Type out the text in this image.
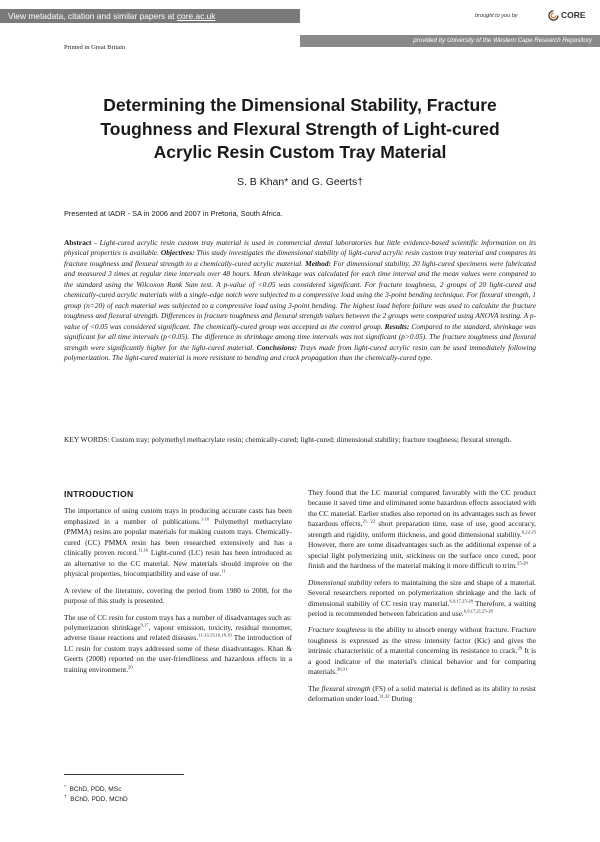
View metadata, citation and similar papers at core.ac.uk	brought to you by	CORE
provided by University of the Western Cape Research Repository
Printed in Great Britain
Determining the Dimensional Stability, Fracture
Toughness and Flexural Strength of Light-cured
Acrylic Resin Custom Tray Material
S. B Khan* and G. Geerts†
Presented at IADR - SA in 2006 and 2007 in Pretoria, South Africa.
Abstract - Light-cured acrylic resin custom tray material is used in commercial dental laboratories but little evidence-based scientific information on its physical properties is available. Objectives: This study investigates the dimensional stability of light-cured acrylic resin custom tray material and compares its fracture toughness and flexural strength to a chemically-cured acrylic material. Method: For dimensional stability, 20 light-cured specimens were fabricated and measured 3 times at regular time intervals over 48 hours. Mean shrinkage was calculated for each time interval and the mean values were compared to the standard using the Wilcoxon Rank Sum test. A p-value of <0.05 was considered significant. For fracture toughness, 2 groups of 20 light-cured and chemically-cured acrylic materials with a single-edge notch were subjected to a compressive load using the 3-point bending technique. For flexural strength, 1 group (n=20) of each material was subjected to a compressive load using 3-point bending. The highest load before failure was used to calculate the fracture toughness and flexural strength. Differences in fracture toughness and flexural strength values between the 2 groups were compared using ANOVA testing. A p-value of <0.05 was considered significant. The chemically-cured group was accepted as the control group. Results: Compared to the standard, shrinkage was significant for all time intervals (p<0.05). The difference in shrinkage among time intervals was not significant (p>0.05). The fracture toughness and flexural strength were significantly higher for the light-cured material. Conclusions: Trays made from light-cured acrylic resin can be used immediately following polymerization. The light-cured material is more resistant to bending and crack propagation than the chemically-cured type.
KEY WORDS: Custom tray; polymethyl methacrylate resin; chemically-cured; light-cured; dimensional stability; fracture toughness; flexural strength.
INTRODUCTION

The importance of using custom trays in producing accurate casts has been emphasized in a number of publications.$^{1-10}$ Polymethyl methacrylate (PMMA) resins are popular materials for making custom trays. Chemically-cured (CC) PMMA resin has been researched extensively and has a clinically proven record.$^{11,16}$ Light-cured (LC) resin has been introduced as an alternative to the CC material. New materials should improve on the physical properties, biocompatibility and ease of use.$^{11}$

A review of the literature, covering the period from 1980 to 2008, for the purpose of this study is presented.

The use of CC resin for custom trays has a number of disadvantages such as: polymerization shrinkage$^{9,17}$, vapour emission, toxicity, residual monomer, adverse tissue reactions and related diseases.$^{11-13,15,16,18,19}$ The introduction of LC resin for custom trays addressed some of these disadvantages. Khan & Geerts (2008) reported on the user-friendliness and hazardous effects in a training environment.$^{20}$

They found that the LC material compared favorably with the CC product because it saved time and eliminated some hazardous effects associated with the CC material. Earlier studies also reported on its advantages such as fewer hazardous effects,$^{21, 22}$ short preparation time, ease of use, good accuracy, strength and rigidity, uniform thickness, and good dimensional stability.$^{6,22-25}$ However, there are some disadvantages such as the additional expense of a special light polymerizing unit, stickiness on the surface once cured, poor finish and the hardness of the material making it more difficult to trim.$^{25-28}$

Dimensional stability refers to maintaining the size and shape of a material. Several researchers reported on polymerization shrinkage and the lack of dimensional stability of CC resin tray material.$^{6,9,17,25-28}$ Therefore, a waiting period is recommended between fabrication and use.$^{6,9,17,21,25-28}$

Fracture toughness is the ability to absorb energy without fracture. Fracture toughness is expressed as the stress intensity factor (Kic) and gives the intrinsic characteristic of a material concerning its resistance to crack.$^{29}$ It is a good indicator of the material's clinical behavior and for comparing materials.$^{30,31}$

The flexural strength (FS) of a solid material is defined as its ability to resist deformation under load.$^{31,32}$ During

* BChD, PDD, MSc
† BChD, PDD, MChD
